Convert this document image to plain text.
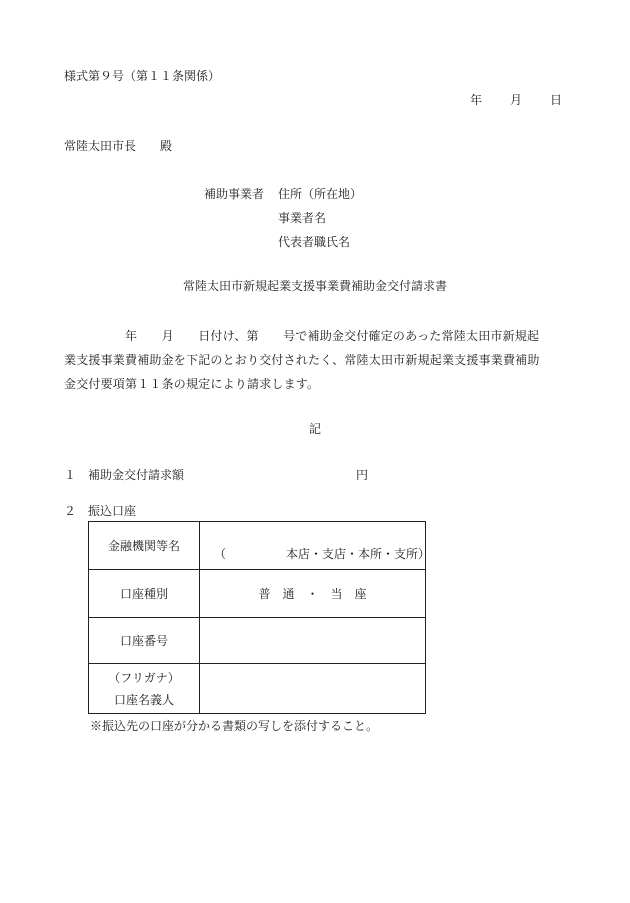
様式第９号（第１１条関係）
年 月 日
常陸太田市長　　殿
補助事業者 住所（所在地）
事業者名
代表者職氏名
常陸太田市新規起業支援事業費補助金交付請求書
　　　　　年　　月　　日付け、第　　号で補助金交付確定のあった常陸太田市新規起
業支援事業費補助金を下記のとおり交付されたく、常陸太田市新規起業支援事業費補助
金交付要項第１１条の規定により請求します。
記
１ 補助金交付請求額	円
２ 振込口座
金融機関等名	（　　　　　本店・支店・本所・支所）

口座種別	普　通　・　当　座
口座番号	

（フリガナ）
口座名義人	

※振込先の口座が分かる書類の写しを添付すること。
